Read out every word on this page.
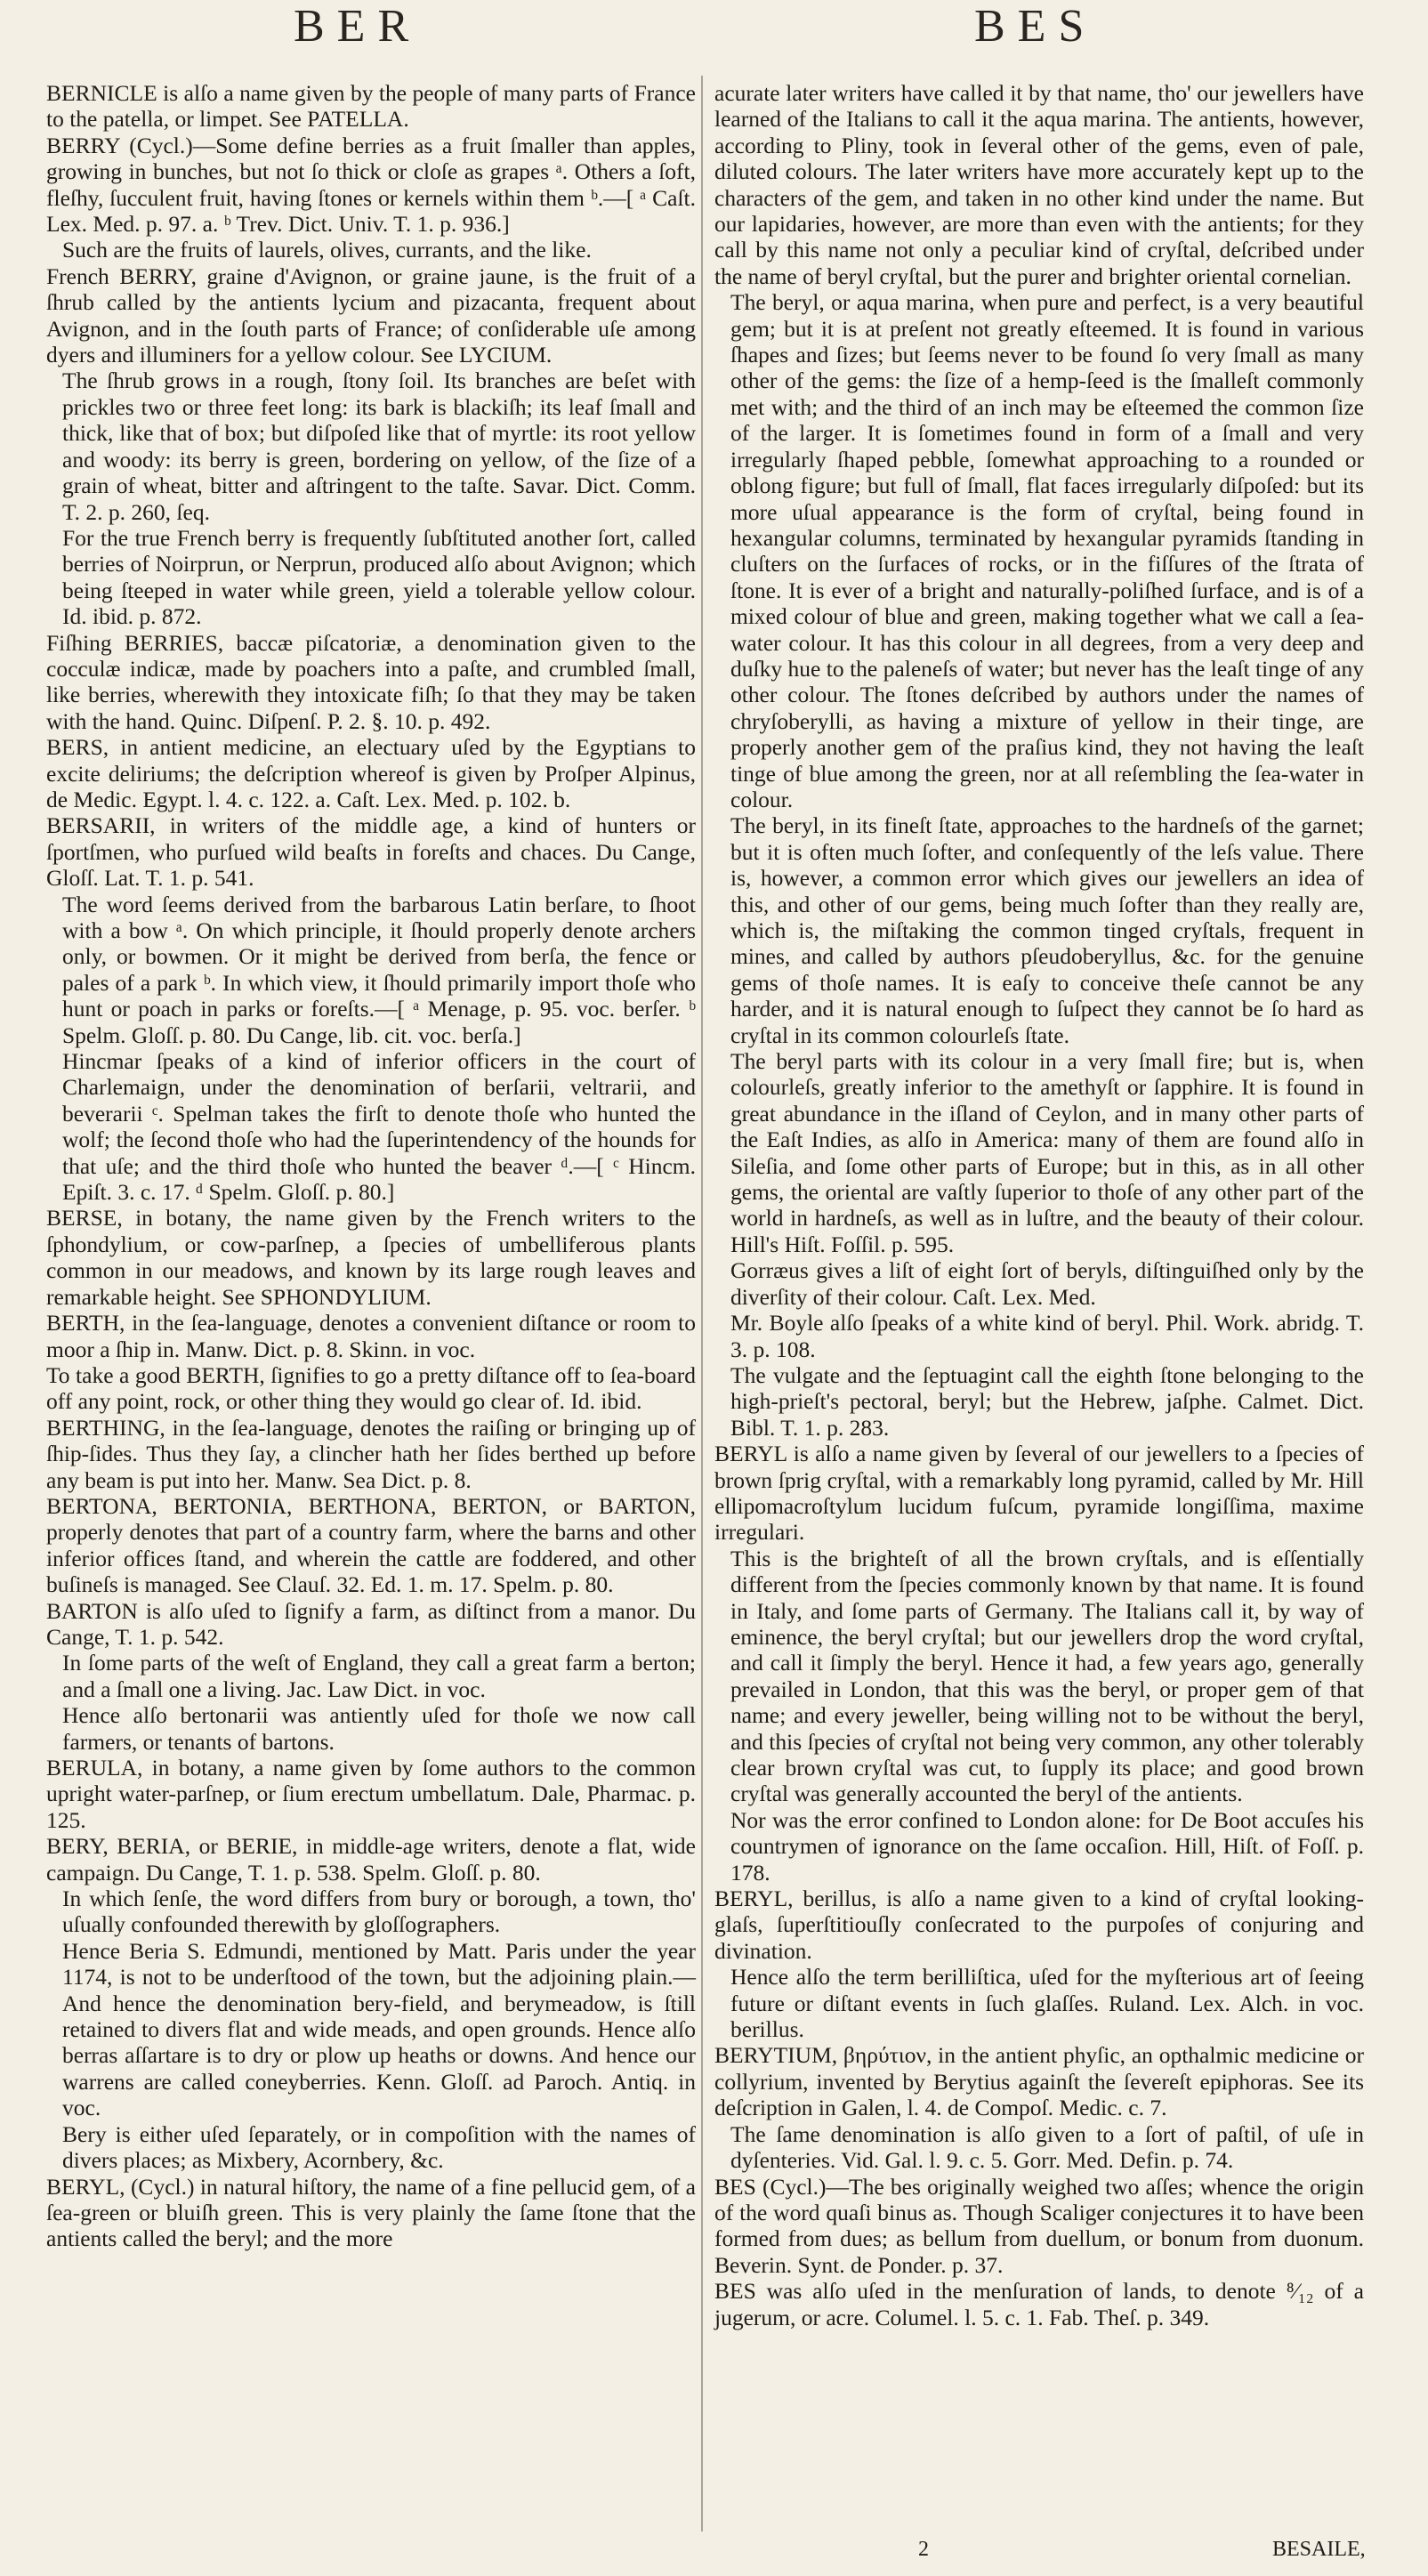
BER	BES

BERNICLE is alſo a name given by the people of many parts of France to the patella, or limpet. See PATELLA.

BERRY (Cycl.)—Some define berries as a fruit ſmaller than apples, growing in bunches, but not ſo thick or cloſe as grapes ᵃ. Others a ſoft, fleſhy, ſucculent fruit, having ſtones or kernels within them ᵇ.—[ ᵃ Caſt. Lex. Med. p. 97. a. ᵇ Trev. Dict. Univ. T. 1. p. 936.]

Such are the fruits of laurels, olives, currants, and the like.

French BERRY, graine d'Avignon, or graine jaune, is the fruit of a ſhrub called by the antients lycium and pizacanta, frequent about Avignon, and in the ſouth parts of France; of conſiderable uſe among dyers and illuminers for a yellow colour. See LYCIUM.

The ſhrub grows in a rough, ſtony ſoil. Its branches are beſet with prickles two or three feet long: its bark is blackiſh; its leaf ſmall and thick, like that of box; but diſpoſed like that of myrtle: its root yellow and woody: its berry is green, bordering on yellow, of the ſize of a grain of wheat, bitter and aſtringent to the taſte. Savar. Dict. Comm. T. 2. p. 260, ſeq.

For the true French berry is frequently ſubſtituted another ſort, called berries of Noirprun, or Nerprun, produced alſo about Avignon; which being ſteeped in water while green, yield a tolerable yellow colour. Id. ibid. p. 872.

Fiſhing BERRIES, baccæ piſcatoriæ, a denomination given to the cocculæ indicæ, made by poachers into a paſte, and crumbled ſmall, like berries, wherewith they intoxicate fiſh; ſo that they may be taken with the hand. Quinc. Diſpenſ. P. 2. §. 10. p. 492.

BERS, in antient medicine, an electuary uſed by the Egyptians to excite deliriums; the deſcription whereof is given by Proſper Alpinus, de Medic. Egypt. l. 4. c. 122. a. Caſt. Lex. Med. p. 102. b.

BERSARII, in writers of the middle age, a kind of hunters or ſportſmen, who purſued wild beaſts in foreſts and chaces. Du Cange, Gloſſ. Lat. T. 1. p. 541.

The word ſeems derived from the barbarous Latin berſare, to ſhoot with a bow ᵃ. On which principle, it ſhould properly denote archers only, or bowmen. Or it might be derived from berſa, the fence or pales of a park ᵇ. In which view, it ſhould primarily import thoſe who hunt or poach in parks or foreſts.—[ ᵃ Menage, p. 95. voc. berſer. ᵇ Spelm. Gloſſ. p. 80. Du Cange, lib. cit. voc. berſa.]

Hincmar ſpeaks of a kind of inferior officers in the court of Charlemaign, under the denomination of berſarii, veltrarii, and beverarii ᶜ. Spelman takes the firſt to denote thoſe who hunted the wolf; the ſecond thoſe who had the ſuperintendency of the hounds for that uſe; and the third thoſe who hunted the beaver ᵈ.—[ ᶜ Hincm. Epiſt. 3. c. 17. ᵈ Spelm. Gloſſ. p. 80.]

BERSE, in botany, the name given by the French writers to the ſphondylium, or cow-parſnep, a ſpecies of umbelliferous plants common in our meadows, and known by its large rough leaves and remarkable height. See SPHONDYLIUM.

BERTH, in the ſea-language, denotes a convenient diſtance or room to moor a ſhip in. Manw. Dict. p. 8. Skinn. in voc.

To take a good BERTH, ſignifies to go a pretty diſtance off to ſea-board off any point, rock, or other thing they would go clear of. Id. ibid.

BERTHING, in the ſea-language, denotes the raiſing or bringing up of ſhip-ſides. Thus they ſay, a clincher hath her ſides berthed up before any beam is put into her. Manw. Sea Dict. p. 8.

BERTONA, BERTONIA, BERTHONA, BERTON, or BARTON, properly denotes that part of a country farm, where the barns and other inferior offices ſtand, and wherein the cattle are foddered, and other buſineſs is managed. See Clauſ. 32. Ed. 1. m. 17. Spelm. p. 80.

BARTON is alſo uſed to ſignify a farm, as diſtinct from a manor. Du Cange, T. 1. p. 542.

In ſome parts of the weſt of England, they call a great farm a berton; and a ſmall one a living. Jac. Law Dict. in voc.

Hence alſo bertonarii was antiently uſed for thoſe we now call farmers, or tenants of bartons.

BERULA, in botany, a name given by ſome authors to the common upright water-parſnep, or ſium erectum umbellatum. Dale, Pharmac. p. 125.

BERY, BERIA, or BERIE, in middle-age writers, denote a flat, wide campaign. Du Cange, T. 1. p. 538. Spelm. Gloſſ. p. 80.

In which ſenſe, the word differs from bury or borough, a town, tho' uſually confounded therewith by gloſſographers.

Hence Beria S. Edmundi, mentioned by Matt. Paris under the year 1174, is not to be underſtood of the town, but the adjoining plain.—And hence the denomination bery-field, and berymeadow, is ſtill retained to divers flat and wide meads, and open grounds. Hence alſo berras aſſartare is to dry or plow up heaths or downs. And hence our warrens are called coneyberries. Kenn. Gloſſ. ad Paroch. Antiq. in voc.

Bery is either uſed ſeparately, or in compoſition with the names of divers places; as Mixbery, Acornbery, &c.

BERYL, (Cycl.) in natural hiſtory, the name of a fine pellucid gem, of a ſea-green or bluiſh green. This is very plainly the ſame ſtone that the antients called the beryl; and the more

acurate later writers have called it by that name, tho' our jewellers have learned of the Italians to call it the aqua marina. The antients, however, according to Pliny, took in ſeveral other of the gems, even of pale, diluted colours. The later writers have more accurately kept up to the characters of the gem, and taken in no other kind under the name. But our lapidaries, however, are more than even with the antients; for they call by this name not only a peculiar kind of cryſtal, deſcribed under the name of beryl cryſtal, but the purer and brighter oriental cornelian.

The beryl, or aqua marina, when pure and perfect, is a very beautiful gem; but it is at preſent not greatly eſteemed. It is found in various ſhapes and ſizes; but ſeems never to be found ſo very ſmall as many other of the gems: the ſize of a hemp-ſeed is the ſmalleſt commonly met with; and the third of an inch may be eſteemed the common ſize of the larger. It is ſometimes found in form of a ſmall and very irregularly ſhaped pebble, ſomewhat approaching to a rounded or oblong figure; but full of ſmall, flat faces irregularly diſpoſed: but its more uſual appearance is the form of cryſtal, being found in hexangular columns, terminated by hexangular pyramids ſtanding in cluſters on the ſurfaces of rocks, or in the fiſſures of the ſtrata of ſtone. It is ever of a bright and naturally-poliſhed ſurface, and is of a mixed colour of blue and green, making together what we call a ſea-water colour. It has this colour in all degrees, from a very deep and duſky hue to the paleneſs of water; but never has the leaſt tinge of any other colour. The ſtones deſcribed by authors under the names of chryſoberylli, as having a mixture of yellow in their tinge, are properly another gem of the praſius kind, they not having the leaſt tinge of blue among the green, nor at all reſembling the ſea-water in colour.

The beryl, in its fineſt ſtate, approaches to the hardneſs of the garnet; but it is often much ſofter, and conſequently of the leſs value. There is, however, a common error which gives our jewellers an idea of this, and other of our gems, being much ſofter than they really are, which is, the miſtaking the common tinged cryſtals, frequent in mines, and called by authors pſeudoberyllus, &c. for the genuine gems of thoſe names. It is eaſy to conceive theſe cannot be any harder, and it is natural enough to ſuſpect they cannot be ſo hard as cryſtal in its common colourleſs ſtate.

The beryl parts with its colour in a very ſmall fire; but is, when colourleſs, greatly inferior to the amethyſt or ſapphire. It is found in great abundance in the iſland of Ceylon, and in many other parts of the Eaſt Indies, as alſo in America: many of them are found alſo in Sileſia, and ſome other parts of Europe; but in this, as in all other gems, the oriental are vaſtly ſuperior to thoſe of any other part of the world in hardneſs, as well as in luſtre, and the beauty of their colour. Hill's Hiſt. Foſſil. p. 595.

Gorræus gives a liſt of eight ſort of beryls, diſtinguiſhed only by the diverſity of their colour. Caſt. Lex. Med.

Mr. Boyle alſo ſpeaks of a white kind of beryl. Phil. Work. abridg. T. 3. p. 108.

The vulgate and the ſeptuagint call the eighth ſtone belonging to the high-prieſt's pectoral, beryl; but the Hebrew, jaſphe. Calmet. Dict. Bibl. T. 1. p. 283.

BERYL is alſo a name given by ſeveral of our jewellers to a ſpecies of brown ſprig cryſtal, with a remarkably long pyramid, called by Mr. Hill ellipomacroſtylum lucidum fuſcum, pyramide longiſſima, maxime irregulari.

This is the brighteſt of all the brown cryſtals, and is eſſentially different from the ſpecies commonly known by that name. It is found in Italy, and ſome parts of Germany. The Italians call it, by way of eminence, the beryl cryſtal; but our jewellers drop the word cryſtal, and call it ſimply the beryl. Hence it had, a few years ago, generally prevailed in London, that this was the beryl, or proper gem of that name; and every jeweller, being willing not to be without the beryl, and this ſpecies of cryſtal not being very common, any other tolerably clear brown cryſtal was cut, to ſupply its place; and good brown cryſtal was generally accounted the beryl of the antients.

Nor was the error confined to London alone: for De Boot accuſes his countrymen of ignorance on the ſame occaſion. Hill, Hiſt. of Foſſ. p. 178.

BERYL, berillus, is alſo a name given to a kind of cryſtal looking-glaſs, ſuperſtitiouſly conſecrated to the purpoſes of conjuring and divination.

Hence alſo the term berilliſtica, uſed for the myſterious art of ſeeing future or diſtant events in ſuch glaſſes. Ruland. Lex. Alch. in voc. berillus.

BERYTIUM, βηρύτιον, in the antient phyſic, an opthalmic medicine or collyrium, invented by Berytius againſt the ſevereſt epiphoras. See its deſcription in Galen, l. 4. de Compoſ. Medic. c. 7.

The ſame denomination is alſo given to a ſort of paſtil, of uſe in dyſenteries. Vid. Gal. l. 9. c. 5. Gorr. Med. Defin. p. 74.

BES (Cycl.)—The bes originally weighed two aſſes; whence the origin of the word quaſi binus as. Though Scaliger conjectures it to have been formed from dues; as bellum from duellum, or bonum from duonum. Beverin. Synt. de Ponder. p. 37.

BES was alſo uſed in the menſuration of lands, to denote ⁸⁄₁₂ of a jugerum, or acre. Columel. l. 5. c. 1. Fab. Theſ. p. 349.

2	BESAILE,
